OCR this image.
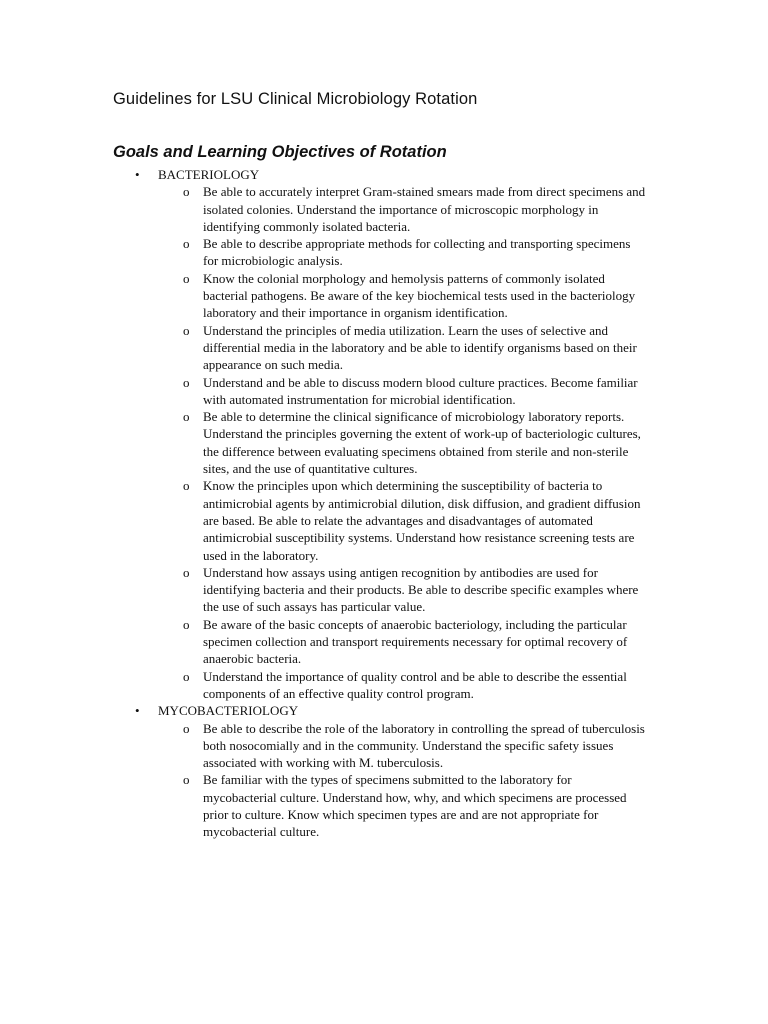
Guidelines for LSU Clinical Microbiology Rotation
Goals and Learning Objectives of Rotation
• BACTERIOLOGY
o Be able to accurately interpret Gram-stained smears made from direct specimens and isolated colonies. Understand the importance of microscopic morphology in identifying commonly isolated bacteria.
o Be able to describe appropriate methods for collecting and transporting specimens for microbiologic analysis.
o Know the colonial morphology and hemolysis patterns of commonly isolated bacterial pathogens. Be aware of the key biochemical tests used in the bacteriology laboratory and their importance in organism identification.
o Understand the principles of media utilization. Learn the uses of selective and differential media in the laboratory and be able to identify organisms based on their appearance on such media.
o Understand and be able to discuss modern blood culture practices. Become familiar with automated instrumentation for microbial identification.
o Be able to determine the clinical significance of microbiology laboratory reports. Understand the principles governing the extent of work-up of bacteriologic cultures, the difference between evaluating specimens obtained from sterile and non-sterile sites, and the use of quantitative cultures.
o Know the principles upon which determining the susceptibility of bacteria to antimicrobial agents by antimicrobial dilution, disk diffusion, and gradient diffusion are based. Be able to relate the advantages and disadvantages of automated antimicrobial susceptibility systems. Understand how resistance screening tests are used in the laboratory.
o Understand how assays using antigen recognition by antibodies are used for identifying bacteria and their products. Be able to describe specific examples where the use of such assays has particular value.
o Be aware of the basic concepts of anaerobic bacteriology, including the particular specimen collection and transport requirements necessary for optimal recovery of anaerobic bacteria.
o Understand the importance of quality control and be able to describe the essential components of an effective quality control program.
• MYCOBACTERIOLOGY
o Be able to describe the role of the laboratory in controlling the spread of tuberculosis both nosocomially and in the community. Understand the specific safety issues associated with working with M. tuberculosis.
o Be familiar with the types of specimens submitted to the laboratory for mycobacterial culture. Understand how, why, and which specimens are processed prior to culture. Know which specimen types are and are not appropriate for mycobacterial culture.
